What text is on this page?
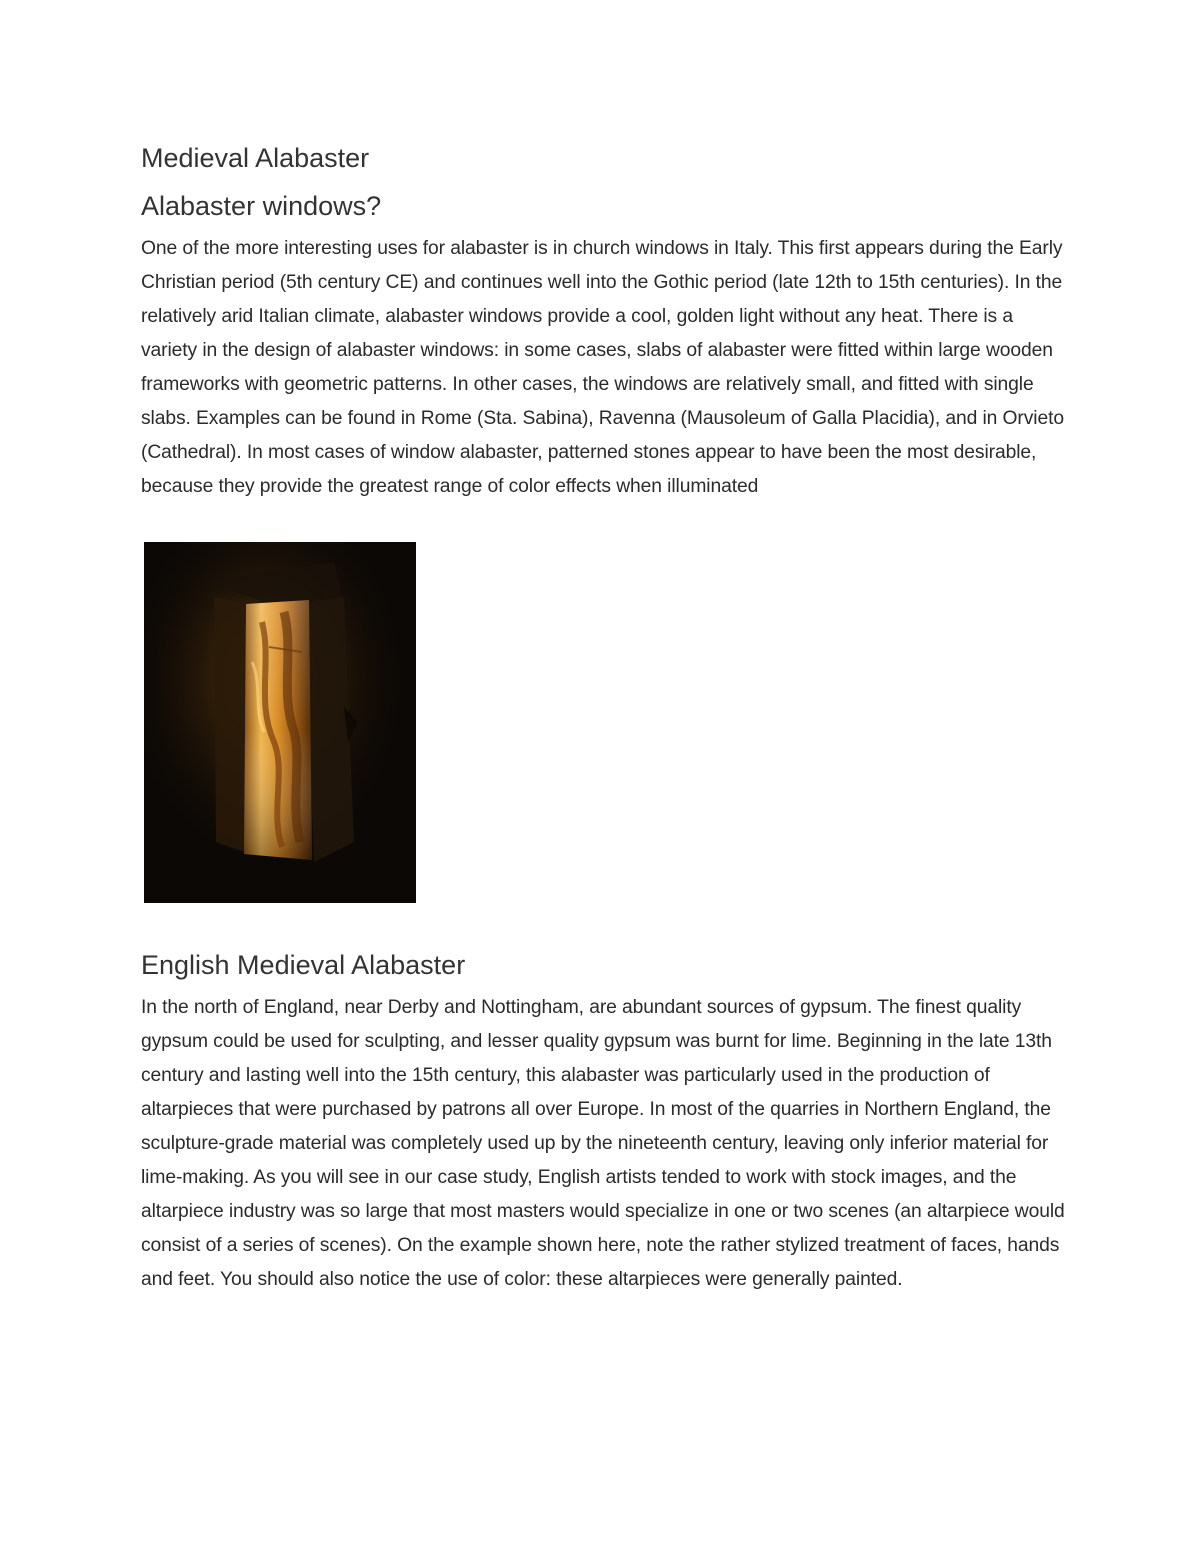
Medieval Alabaster
Alabaster windows?

One of the more interesting uses for alabaster is in church windows in Italy. This first appears during the Early Christian period (5th century CE) and continues well into the Gothic period (late 12th to 15th centuries). In the relatively arid Italian climate, alabaster windows provide a cool, golden light without any heat. There is a variety in the design of alabaster windows: in some cases, slabs of alabaster were fitted within large wooden frameworks with geometric patterns. In other cases, the windows are relatively small, and fitted with single slabs. Examples can be found in Rome (Sta. Sabina), Ravenna (Mausoleum of Galla Placidia), and in Orvieto (Cathedral). In most cases of window alabaster, patterned stones appear to have been the most desirable, because they provide the greatest range of color effects when illuminated

English Medieval Alabaster

In the north of England, near Derby and Nottingham, are abundant sources of gypsum. The finest quality gypsum could be used for sculpting, and lesser quality gypsum was burnt for lime. Beginning in the late 13th century and lasting well into the 15th century, this alabaster was particularly used in the production of altarpieces that were purchased by patrons all over Europe. In most of the quarries in Northern England, the sculpture-grade material was completely used up by the nineteenth century, leaving only inferior material for lime-making. As you will see in our case study, English artists tended to work with stock images, and the altarpiece industry was so large that most masters would specialize in one or two scenes (an altarpiece would consist of a series of scenes). On the example shown here, note the rather stylized treatment of faces, hands and feet. You should also notice the use of color: these altarpieces were generally painted.
